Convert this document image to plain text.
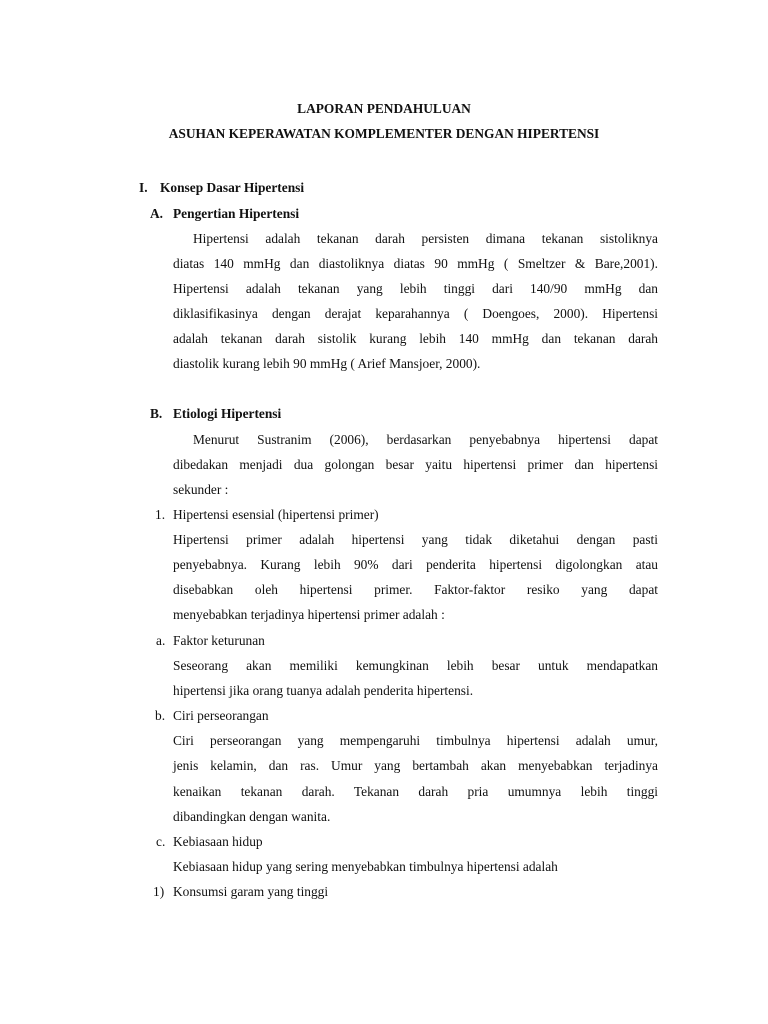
LAPORAN PENDAHULUAN
ASUHAN KEPERAWATAN KOMPLEMENTER DENGAN HIPERTENSI
I. Konsep Dasar Hipertensi
A. Pengertian Hipertensi
Hipertensi adalah tekanan darah persisten dimana tekanan sistoliknya
diatas 140 mmHg dan diastoliknya diatas 90 mmHg ( Smeltzer & Bare,2001).
Hipertensi adalah tekanan yang lebih tinggi dari 140/90 mmHg dan
diklasifikasinya dengan derajat keparahannya ( Doengoes, 2000). Hipertensi
adalah tekanan darah sistolik kurang lebih 140 mmHg dan tekanan darah
diastolik kurang lebih 90 mmHg ( Arief Mansjoer, 2000).
B. Etiologi Hipertensi
Menurut Sustranim (2006), berdasarkan penyebabnya hipertensi dapat
dibedakan menjadi dua golongan besar yaitu hipertensi primer dan hipertensi
sekunder :
1. Hipertensi esensial (hipertensi primer)
Hipertensi primer adalah hipertensi yang tidak diketahui dengan pasti
penyebabnya. Kurang lebih 90% dari penderita hipertensi digolongkan atau
disebabkan oleh hipertensi primer. Faktor-faktor resiko yang dapat
menyebabkan terjadinya hipertensi primer adalah :
a. Faktor keturunan
Seseorang akan memiliki kemungkinan lebih besar untuk mendapatkan
hipertensi jika orang tuanya adalah penderita hipertensi.
b. Ciri perseorangan
Ciri perseorangan yang mempengaruhi timbulnya hipertensi adalah umur,
jenis kelamin, dan ras. Umur yang bertambah akan menyebabkan terjadinya
kenaikan tekanan darah. Tekanan darah pria umumnya lebih tinggi
dibandingkan dengan wanita.
c. Kebiasaan hidup
Kebiasaan hidup yang sering menyebabkan timbulnya hipertensi adalah
1) Konsumsi garam yang tinggi
